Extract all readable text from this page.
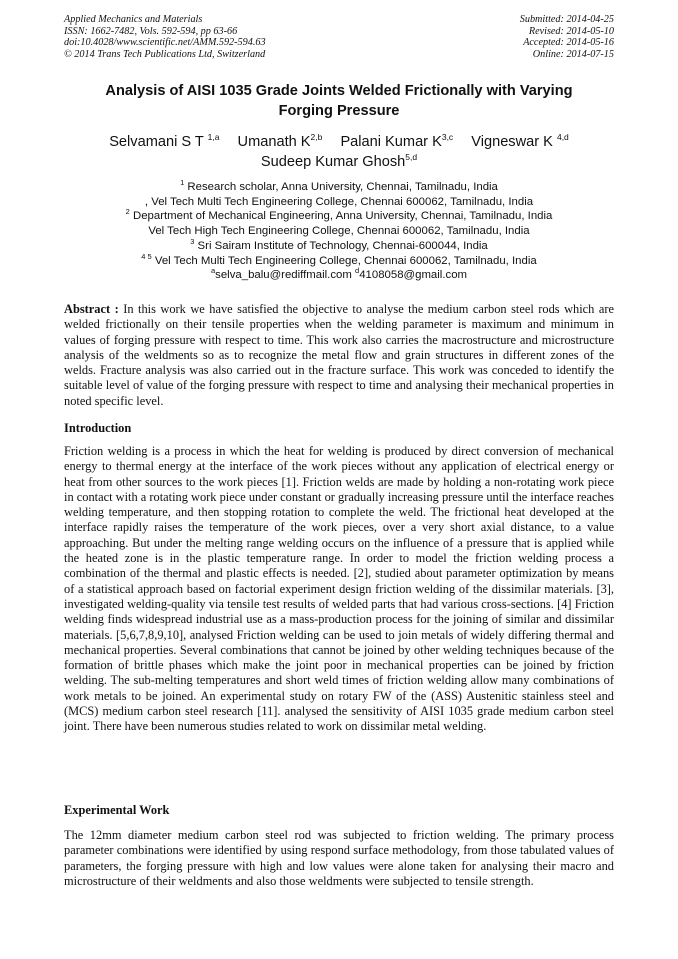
Applied Mechanics and Materials
ISSN: 1662-7482, Vols. 592-594, pp 63-66
doi:10.4028/www.scientific.net/AMM.592-594.63
© 2014 Trans Tech Publications Ltd, Switzerland
Submitted: 2014-04-25
Revised: 2014-05-10
Accepted: 2014-05-16
Online: 2014-07-15
Analysis of AISI 1035 Grade Joints Welded Frictionally with Varying
Forging Pressure
Selvamani S T $^{1,a}$ Umanath K$^{2,b}$ Palani Kumar K$^{3,c}$ Vigneswar K $^{4,d}$
Sudeep Kumar Ghosh$^{5,d}$
$^1$ Research scholar, Anna University, Chennai, Tamilnadu, India
, Vel Tech Multi Tech Engineering College, Chennai 600062, Tamilnadu, India
$^2$ Department of Mechanical Engineering, Anna University, Chennai, Tamilnadu, India
Vel Tech High Tech Engineering College, Chennai 600062, Tamilnadu, India
$^3$ Sri Sairam Institute of Technology, Chennai-600044, India
$^{4 5}$ Vel Tech Multi Tech Engineering College, Chennai 600062, Tamilnadu, India
$^a$selva_balu@rediffmail.com $^d$4108058@gmail.com

Abstract : In this work we have satisfied the objective to analyse the medium carbon steel rods which are welded frictionally on their tensile properties when the welding parameter is maximum and minimum in values of forging pressure with respect to time. This work also carries the macrostructure and microstructure analysis of the weldments so as to recognize the metal flow and grain structures in different zones of the welds. Fracture analysis was also carried out in the fracture surface. This work was conceded to identify the suitable level of value of the forging pressure with respect to time and analysing their mechanical properties in noted specific level.

Introduction

Friction welding is a process in which the heat for welding is produced by direct conversion of mechanical energy to thermal energy at the interface of the work pieces without any application of electrical energy or heat from other sources to the work pieces [1]. Friction welds are made by holding a non-rotating work piece in contact with a rotating work piece under constant or gradually increasing pressure until the interface reaches welding temperature, and then stopping rotation to complete the weld. The frictional heat developed at the interface rapidly raises the temperature of the work pieces, over a very short axial distance, to a value approaching. But under the melting range welding occurs on the influence of a pressure that is applied while the heated zone is in the plastic temperature range. In order to model the friction welding process a combination of the thermal and plastic effects is needed. [2], studied about parameter optimization by means of a statistical approach based on factorial experiment design friction welding of the dissimilar materials. [3], investigated welding-quality via tensile test results of welded parts that had various cross-sections. [4] Friction welding finds widespread industrial use as a mass-production process for the joining of similar and dissimilar materials. [5,6,7,8,9,10], analysed Friction welding can be used to join metals of widely differing thermal and mechanical properties. Several combinations that cannot be joined by other welding techniques because of the formation of brittle phases which make the joint poor in mechanical properties can be joined by friction welding. The sub-melting temperatures and short weld times of friction welding allow many combinations of work metals to be joined. An experimental study on rotary FW of the (ASS) Austenitic stainless steel and (MCS) medium carbon steel research [11]. analysed the sensitivity of AISI 1035 grade medium carbon steel joint. There have been numerous studies related to work on dissimilar metal welding.

Experimental Work

The 12mm diameter medium carbon steel rod was subjected to friction welding. The primary process parameter combinations were identified by using respond surface methodology, from those tabulated values of parameters, the forging pressure with high and low values were alone taken for analysing their macro and microstructure of their weldments and also those weldments were subjected to tensile strength.
